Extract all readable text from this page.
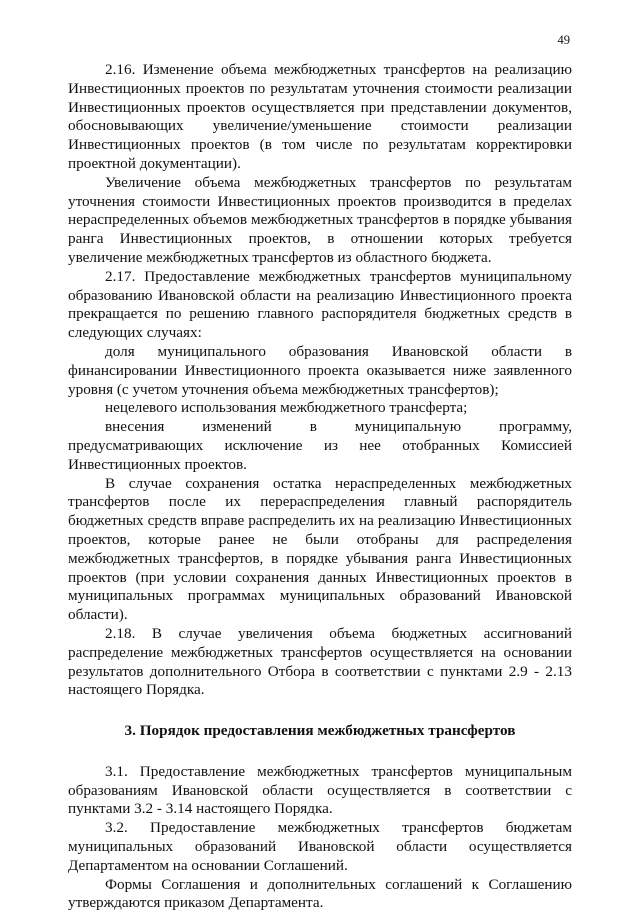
49

2.16. Изменение объема межбюджетных трансфертов на реализацию Инвестиционных проектов по результатам уточнения стоимости реализации Инвестиционных проектов осуществляется при представлении документов, обосновывающих увеличение/уменьшение стоимости реализации Инвестиционных проектов (в том числе по результатам корректировки проектной документации).

Увеличение объема межбюджетных трансфертов по результатам уточнения стоимости Инвестиционных проектов производится в пределах нераспределенных объемов межбюджетных трансфертов в порядке убывания ранга Инвестиционных проектов, в отношении которых требуется увеличение межбюджетных трансфертов из областного бюджета.

2.17. Предоставление межбюджетных трансфертов муниципальному образованию Ивановской области на реализацию Инвестиционного проекта прекращается по решению главного распорядителя бюджетных средств в следующих случаях:

доля муниципального образования Ивановской области в финансировании Инвестиционного проекта оказывается ниже заявленного уровня (с учетом уточнения объема межбюджетных трансфертов);

нецелевого использования межбюджетного трансферта;

внесения изменений в муниципальную программу, предусматривающих исключение из нее отобранных Комиссией Инвестиционных проектов.

В случае сохранения остатка нераспределенных межбюджетных трансфертов после их перераспределения главный распорядитель бюджетных средств вправе распределить их на реализацию Инвестиционных проектов, которые ранее не были отобраны для распределения межбюджетных трансфертов, в порядке убывания ранга Инвестиционных проектов (при условии сохранения данных Инвестиционных проектов в муниципальных программах муниципальных образований Ивановской области).

2.18. В случае увеличения объема бюджетных ассигнований распределение межбюджетных трансфертов осуществляется на основании результатов дополнительного Отбора в соответствии с пунктами 2.9 - 2.13 настоящего Порядка.

3. Порядок предоставления межбюджетных трансфертов

3.1. Предоставление межбюджетных трансфертов муниципальным образованиям Ивановской области осуществляется в соответствии с пунктами 3.2 - 3.14 настоящего Порядка.

3.2. Предоставление межбюджетных трансфертов бюджетам муниципальных образований Ивановской области осуществляется Департаментом на основании Соглашений.

Формы Соглашения и дополнительных соглашений к Соглашению утверждаются приказом Департамента.
